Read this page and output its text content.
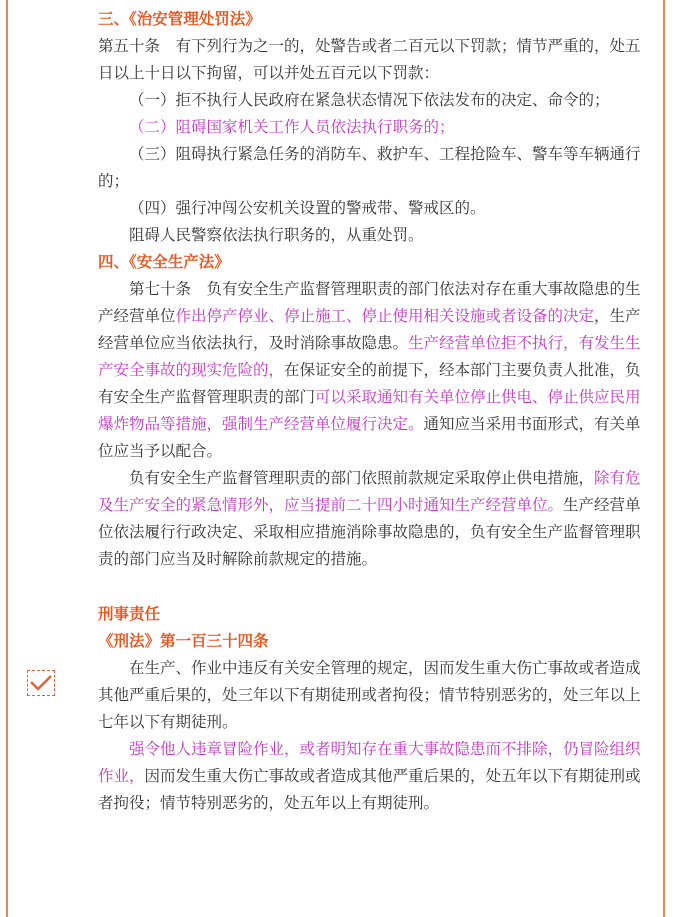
三、《治安管理处罚法》

第五十条　有下列行为之一的，处警告或者二百元以下罚款；情节严重的，处五日以上十日以下拘留，可以并处五百元以下罚款：

（一）拒不执行人民政府在紧急状态情况下依法发布的决定、命令的；

（二）阻碍国家机关工作人员依法执行职务的；

（三）阻碍执行紧急任务的消防车、救护车、工程抢险车、警车等车辆通行的；

（四）强行冲闯公安机关设置的警戒带、警戒区的。

阻碍人民警察依法执行职务的，从重处罚。

四、《安全生产法》

第七十条　负有安全生产监督管理职责的部门依法对存在重大事故隐患的生产经营单位作出停产停业、停止施工、停止使用相关设施或者设备的决定，生产经营单位应当依法执行，及时消除事故隐患。生产经营单位拒不执行，有发生生产安全事故的现实危险的，在保证安全的前提下，经本部门主要负责人批准，负有安全生产监督管理职责的部门可以采取通知有关单位停止供电、停止供应民用爆炸物品等措施，强制生产经营单位履行决定。通知应当采用书面形式，有关单位应当予以配合。

负有安全生产监督管理职责的部门依照前款规定采取停止供电措施，除有危及生产安全的紧急情形外，应当提前二十四小时通知生产经营单位。生产经营单位依法履行行政决定、采取相应措施消除事故隐患的，负有安全生产监督管理职责的部门应当及时解除前款规定的措施。

刑事责任

《刑法》第一百三十四条

在生产、作业中违反有关安全管理的规定，因而发生重大伤亡事故或者造成其他严重后果的，处三年以下有期徒刑或者拘役；情节特别恶劣的，处三年以上七年以下有期徒刑。

强令他人违章冒险作业，或者明知存在重大事故隐患而不排除，仍冒险组织作业，因而发生重大伤亡事故或者造成其他严重后果的，处五年以下有期徒刑或者拘役；情节特别恶劣的，处五年以上有期徒刑。
